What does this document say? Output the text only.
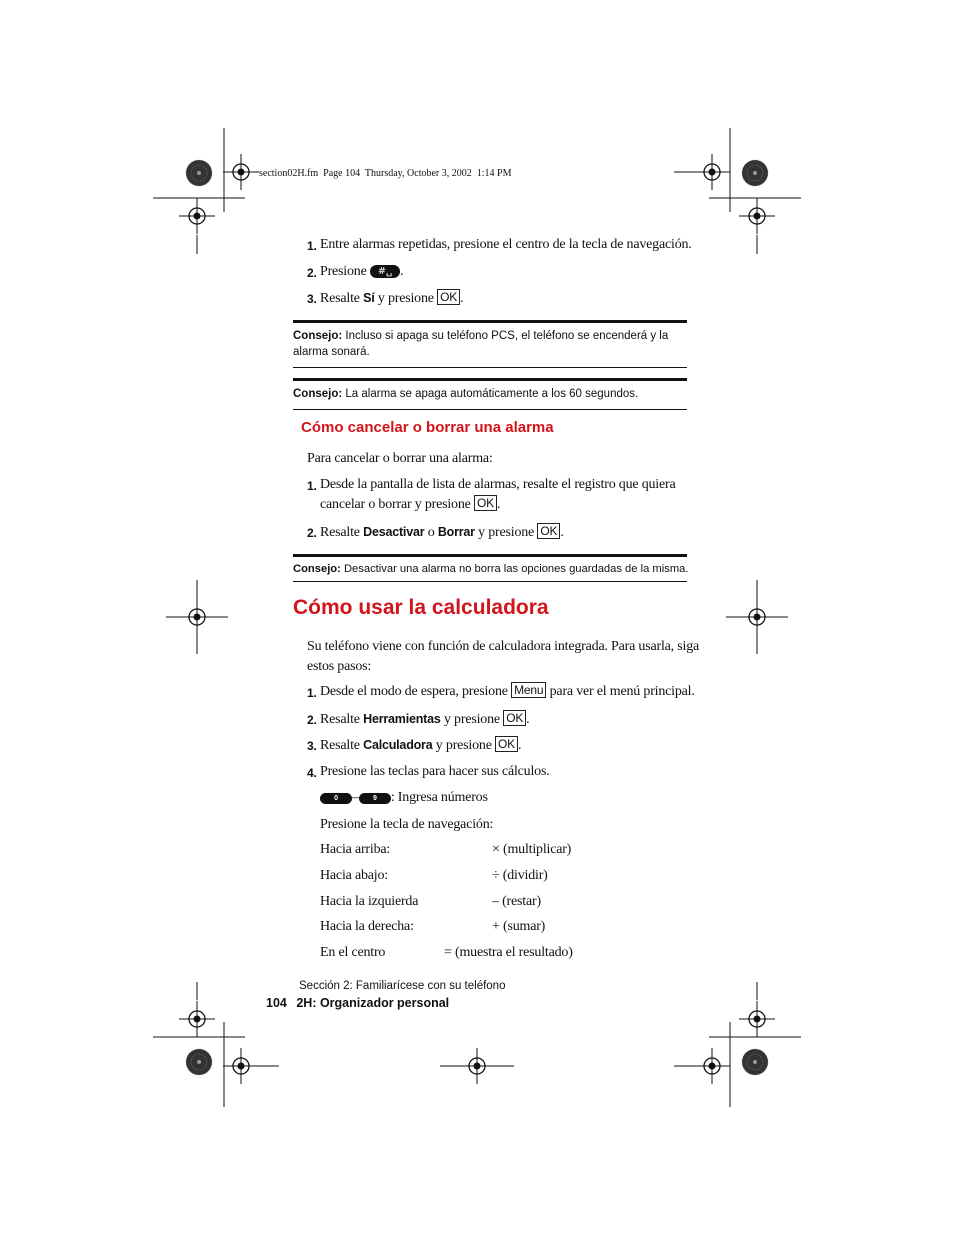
section02H.fm  Page 104  Thursday, October 3, 2002  1:14 PM
1. Entre alarmas repetidas, presione el centro de la tecla de navegación.
2. Presione #␣ .
3. Resalte Sí y presione OK .
Consejo: Incluso si apaga su teléfono PCS, el teléfono se encenderá y la alarma sonará.
Consejo: La alarma se apaga automáticamente a los 60 segundos.
Cómo cancelar o borrar una alarma
Para cancelar o borrar una alarma:
1. Desde la pantalla de lista de alarmas, resalte el registro que quiera
cancelar o borrar y presione OK .
2. Resalte Desactivar o Borrar y presione OK .
Consejo: Desactivar una alarma no borra las opciones guardadas de la misma.
Cómo usar la calculadora
Su teléfono viene con función de calculadora integrada. Para usarla, siga
estos pasos:
1. Desde el modo de espera, presione Menu para ver el menú principal.
2. Resalte Herramientas y presione OK .
3. Resalte Calculadora y presione OK .
4. Presione las teclas para hacer sus cálculos.
0 – 9 : Ingresa números
Presione la tecla de navegación:
Hacia arriba:	× (multiplicar)
Hacia abajo:	÷ (dividir)
Hacia la izquierda	– (restar)
Hacia la derecha:	+ (sumar)
En el centro	= (muestra el resultado)
Sección 2: Familiarícese con su teléfono
104 2H: Organizador personal
